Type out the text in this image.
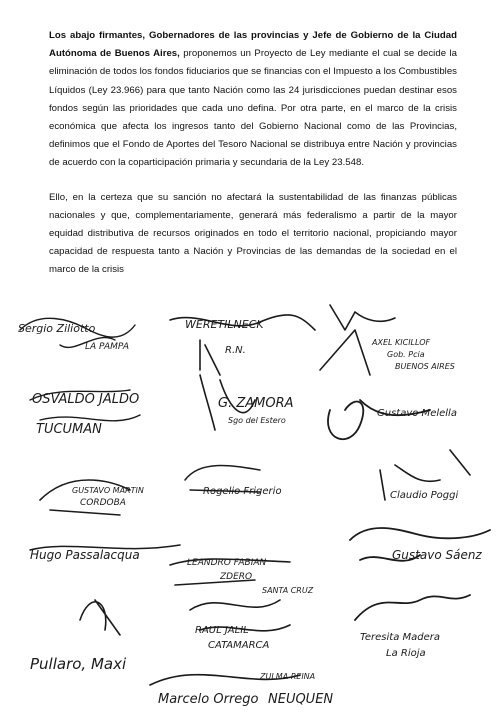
Los abajo firmantes, Gobernadores de las provincias y Jefe de Gobierno de la Ciudad Autónoma de Buenos Aires, proponemos un Proyecto de Ley mediante el cual se decide la eliminación de todos los fondos fiduciarios que se financias con el Impuesto a los Combustibles Líquidos (Ley 23.966) para que tanto Nación como las 24 jurisdicciones puedan destinar esos fondos según las prioridades que cada uno defina. Por otra parte, en el marco de la crisis económica que afecta los ingresos tanto del Gobierno Nacional como de las Provincias, definimos que el Fondo de Aportes del Tesoro Nacional se distribuya entre Nación y provincias de acuerdo con la coparticipación primaria y secundaria de la Ley 23.548.

Ello, en la certeza que su sanción no afectará la sustentabilidad de las finanzas públicas nacionales y que, complementariamente, generará más federalismo a partir de la mayor equidad distributiva de recursos originados en todo el territorio nacional, propiciando mayor capacidad de respuesta tanto a Nación y Provincias de las demandas de la sociedad en el marco de la crisis

Sergio Ziliotto
LA PAMPA
WERETILNECK
R.N.
AXEL KICILLOF
Gob. Pcia
BUENOS AIRES
OSVALDO JALDO
TUCUMAN
G. ZAMORA
Sgo del Estero
Gustavo Melella
GUSTAVO MARTIN
CORDOBA
Rogelio Frigerio	Claudio Poggi
Hugo Passalacqua	Gustavo Sáenz
LEANDRO FABIAN
ZDERO
SANTA CRUZ
RAUL JALIL
CATAMARCA
Teresita Madera
La Rioja
Pullaro, Maxi
ZULMA REINA
Marcelo Orrego NEUQUEN
